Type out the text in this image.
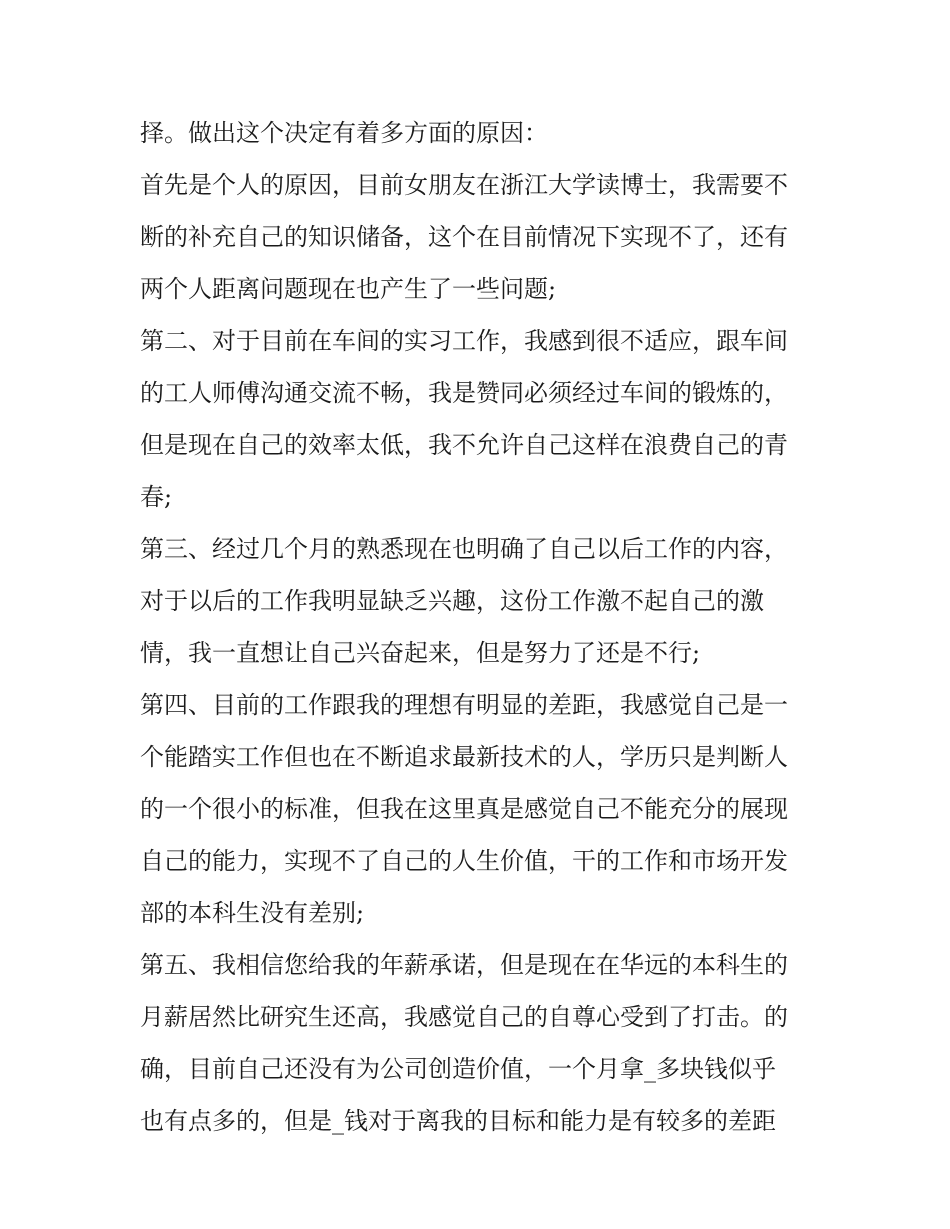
择。做出这个决定有着多方面的原因：
首先是个人的原因，目前女朋友在浙江大学读博士，我需要不
断的补充自己的知识储备，这个在目前情况下实现不了，还有
两个人距离问题现在也产生了一些问题;
第二、对于目前在车间的实习工作，我感到很不适应，跟车间
的工人师傅沟通交流不畅，我是赞同必须经过车间的锻炼的，
但是现在自己的效率太低，我不允许自己这样在浪费自己的青
春;
第三、经过几个月的熟悉现在也明确了自己以后工作的内容，
对于以后的工作我明显缺乏兴趣，这份工作激不起自己的激
情，我一直想让自己兴奋起来，但是努力了还是不行;
第四、目前的工作跟我的理想有明显的差距，我感觉自己是一
个能踏实工作但也在不断追求最新技术的人，学历只是判断人
的一个很小的标准，但我在这里真是感觉自己不能充分的展现
自己的能力，实现不了自己的人生价值，干的工作和市场开发
部的本科生没有差别;
第五、我相信您给我的年薪承诺，但是现在在华远的本科生的
月薪居然比研究生还高，我感觉自己的自尊心受到了打击。的
确，目前自己还没有为公司创造价值，一个月拿_多块钱似乎
也有点多的，但是_钱对于离我的目标和能力是有较多的差距
